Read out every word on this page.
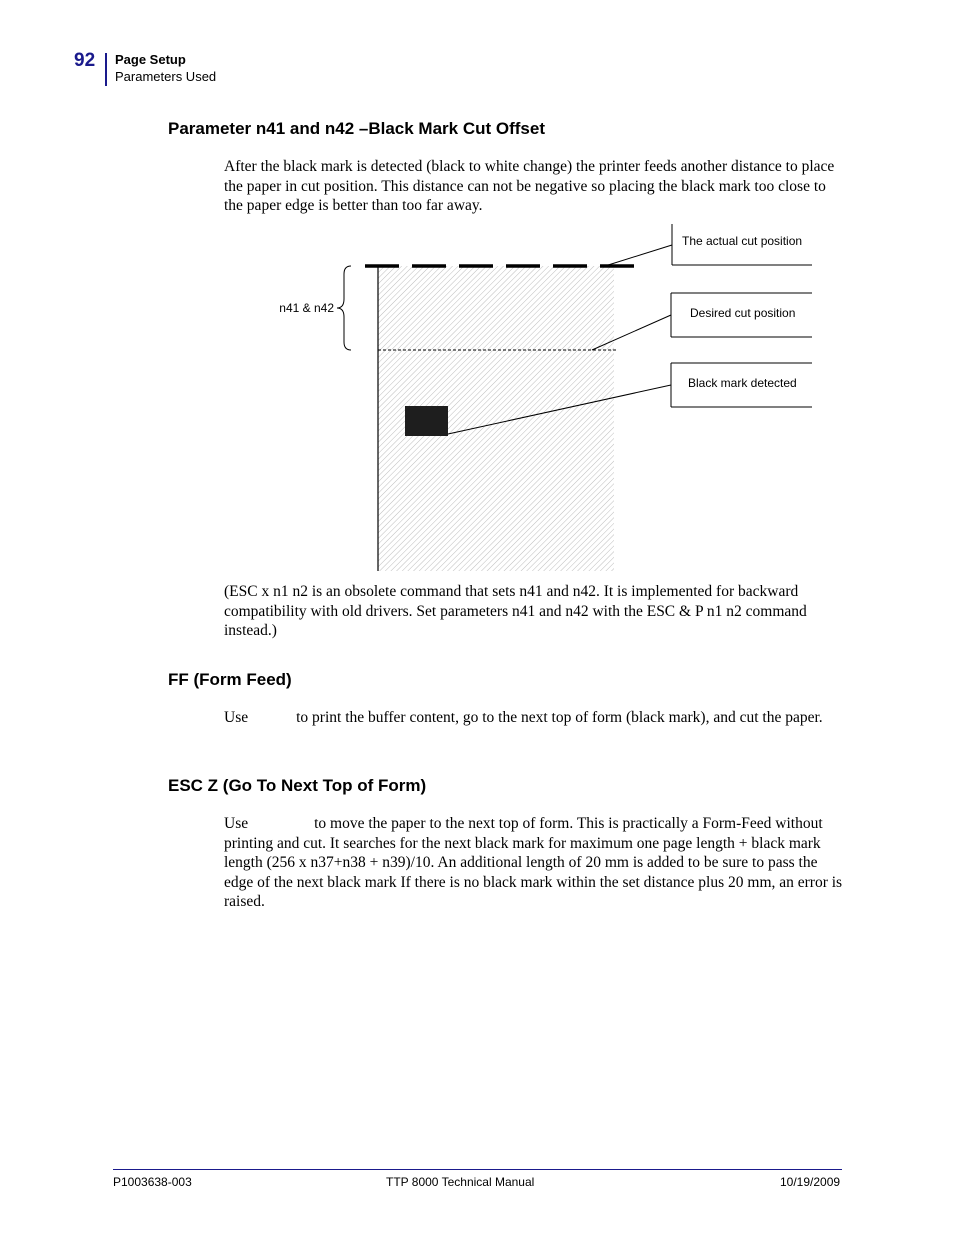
92 Page Setup
Parameters Used
Parameter n41 and n42 –Black Mark Cut Offset

After the black mark is detected (black to white change) the printer feeds another distance to place the paper in cut position. This distance can not be negative so placing the black mark too close to the paper edge is better than too far away.

n41 & n42
The actual cut position
Desired cut position
Black mark detected

(ESC x n1 n2 is an obsolete command that sets n41 and n42. It is implemented for backward compatibility with old drivers. Set parameters n41 and n42 with the ESC & P n1 n2 command instead.)

FF (Form Feed)

Use	to print the buffer content, go to the next top of form (black mark), and cut the paper.

ESC Z (Go To Next Top of Form)

Use	to move the paper to the next top of form. This is practically a Form-Feed without printing and cut. It searches for the next black mark for maximum one page length + black mark length (256 x n37+n38 + n39)/10. An additional length of 20 mm is added to be sure to pass the edge of the next black mark If there is no black mark within the set distance plus 20 mm, an error is raised.

P1003638-003	TTP 8000 Technical Manual	10/19/2009
